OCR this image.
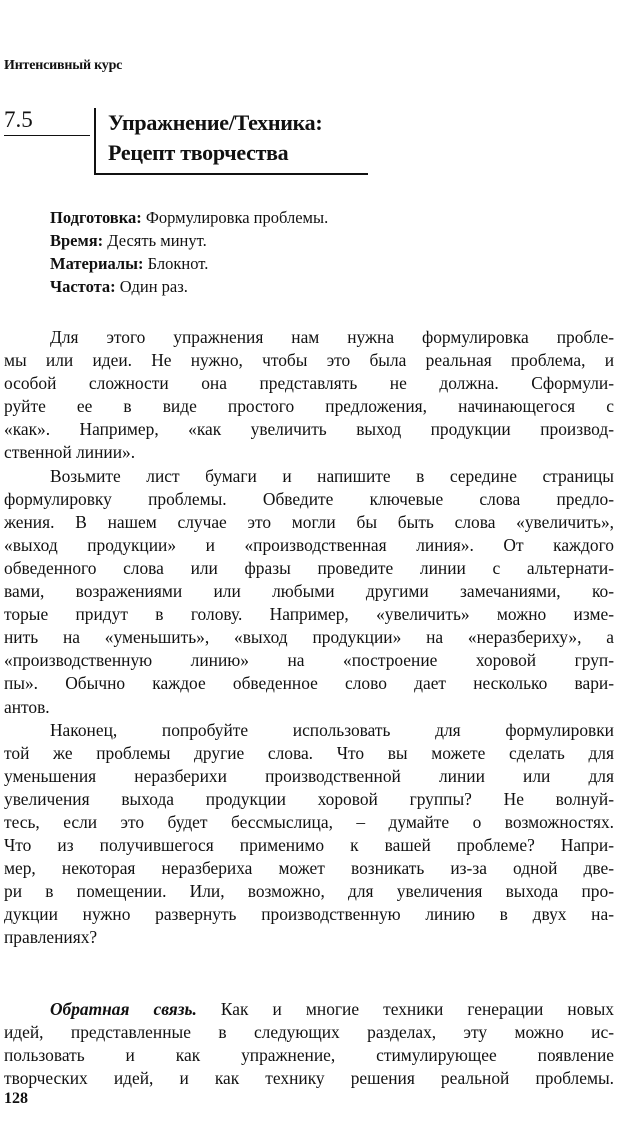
Интенсивный курс
7.5	Упражнение/Техника:
Рецепт творчества
Подготовка: Формулировка проблемы.
Время: Десять минут.
Материалы: Блокнот.
Частота: Один раз.
Для этого упражнения нам нужна формулировка пробле-
мы или идеи. Не нужно, чтобы это была реальная проблема, и
особой сложности она представлять не должна. Сформули-
руйте ее в виде простого предложения, начинающегося с
«как». Например, «как увеличить выход продукции производ-
ственной линии».
Возьмите лист бумаги и напишите в середине страницы
формулировку проблемы. Обведите ключевые слова предло-
жения. В нашем случае это могли бы быть слова «увеличить»,
«выход продукции» и «производственная линия». От каждого
обведенного слова или фразы проведите линии с альтернати-
вами, возражениями или любыми другими замечаниями, ко-
торые придут в голову. Например, «увеличить» можно изме-
нить на «уменьшить», «выход продукции» на «неразбериху», а
«производственную линию» на «построение хоровой груп-
пы». Обычно каждое обведенное слово дает несколько вари-
антов.
Наконец, попробуйте использовать для формулировки
той же проблемы другие слова. Что вы можете сделать для
уменьшения неразберихи производственной линии или для
увеличения выхода продукции хоровой группы? Не волнуй-
тесь, если это будет бессмыслица, – думайте о возможностях.
Что из получившегося применимо к вашей проблеме? Напри-
мер, некоторая неразбериха может возникать из-за одной две-
ри в помещении. Или, возможно, для увеличения выхода про-
дукции нужно развернуть производственную линию в двух на-
правлениях?
Обратная связь. Как и многие техники генерации новых
идей, представленные в следующих разделах, эту можно ис-
пользовать и как упражнение, стимулирующее появление
творческих идей, и как технику решения реальной проблемы.
128
